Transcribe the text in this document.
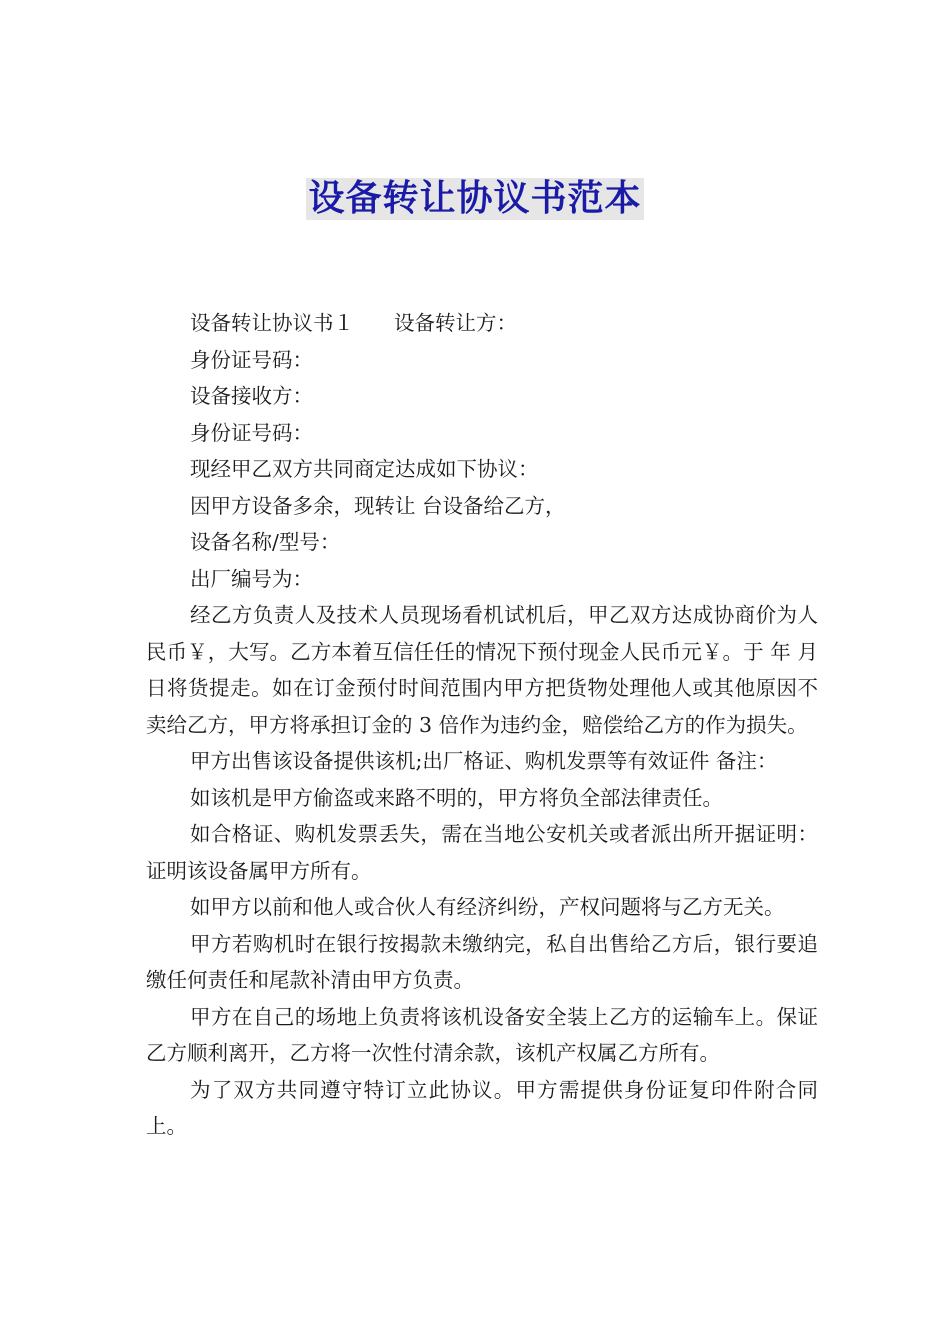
设备转让协议书范本

设备转让协议书１ 设备转让方：

身份证号码：

设备接收方：

身份证号码：

现经甲乙双方共同商定达成如下协议：

因甲方设备多余，现转让 台设备给乙方，

设备名称/型号：

出厂编号为：

经乙方负责人及技术人员现场看机试机后，甲乙双方达成协商价为人民币￥，大写。乙方本着互信任任的情况下预付现金人民币元￥。于 年 月 日将货提走。如在订金预付时间范围内甲方把货物处理他人或其他原因不卖给乙方，甲方将承担订金的 3 倍作为违约金，赔偿给乙方的作为损失。

甲方出售该设备提供该机;出厂格证、购机发票等有效证件 备注：

如该机是甲方偷盗或来路不明的，甲方将负全部法律责任。

如合格证、购机发票丢失，需在当地公安机关或者派出所开据证明：证明该设备属甲方所有。

如甲方以前和他人或合伙人有经济纠纷，产权问题将与乙方无关。

甲方若购机时在银行按揭款未缴纳完，私自出售给乙方后，银行要追缴任何责任和尾款补清由甲方负责。

甲方在自己的场地上负责将该机设备安全装上乙方的运输车上。保证乙方顺利离开，乙方将一次性付清余款，该机产权属乙方所有。

为了双方共同遵守特订立此协议。甲方需提供身份证复印件附合同上。
